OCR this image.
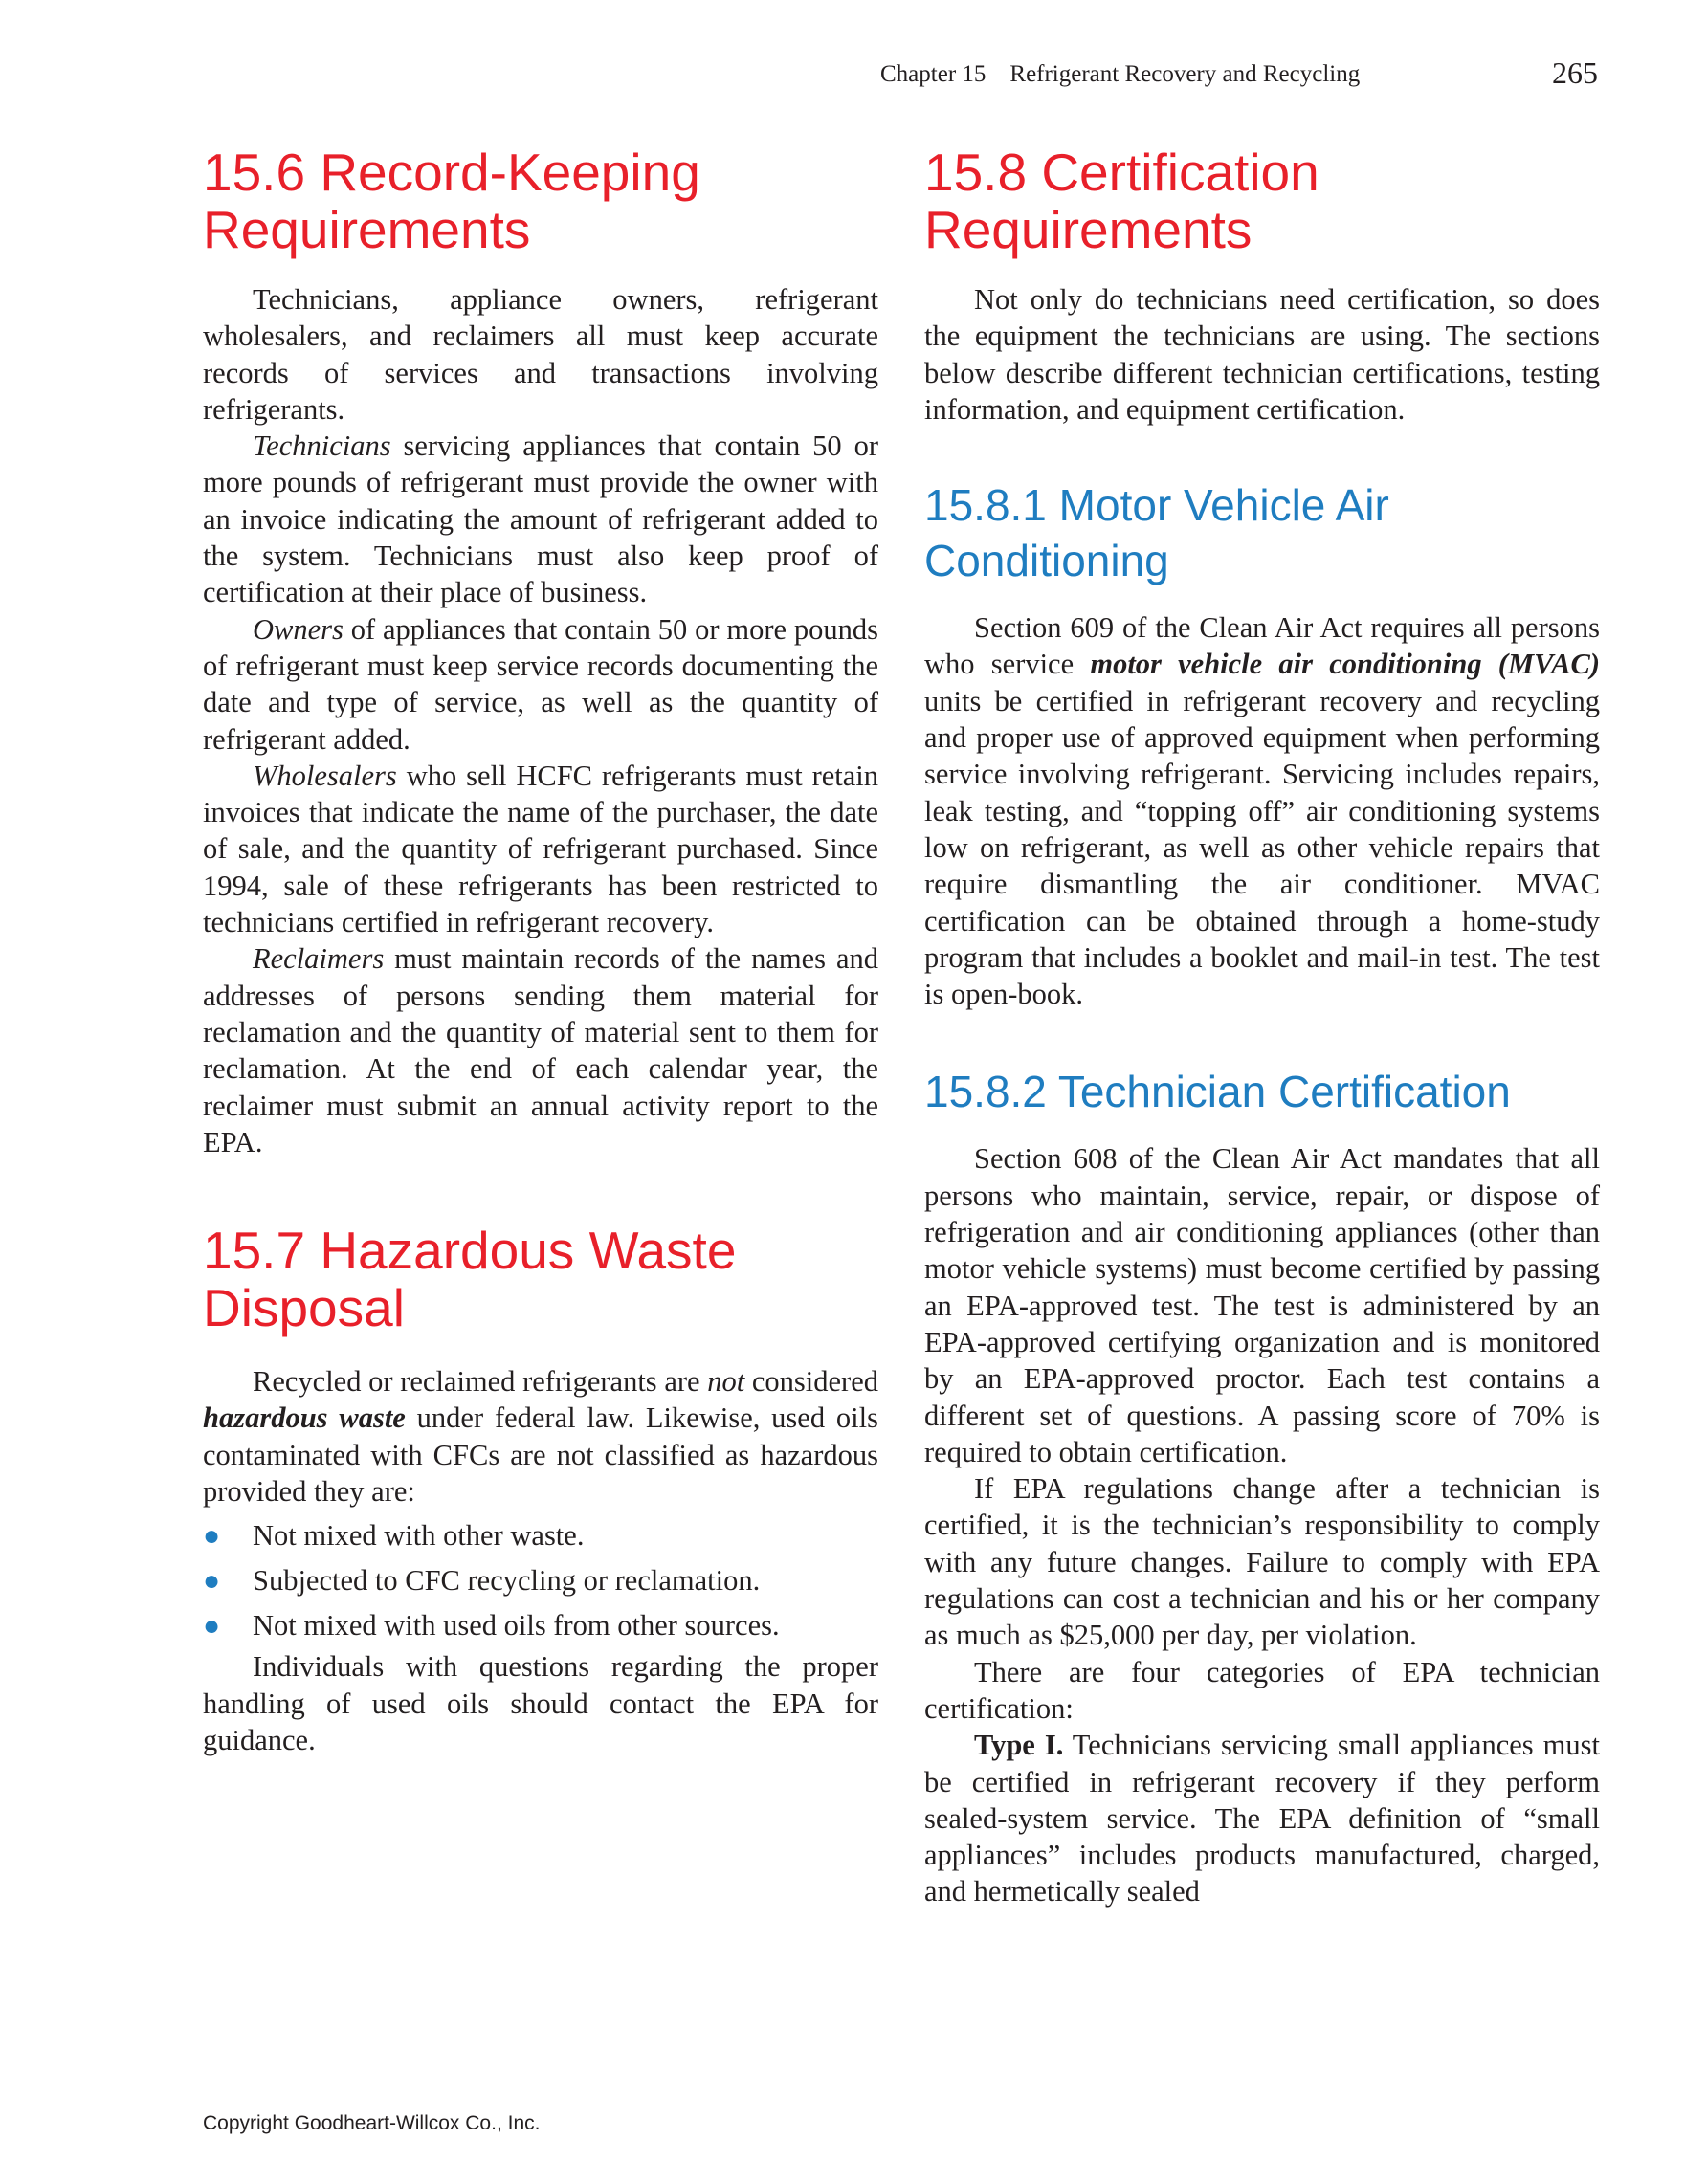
Chapter 15    Refrigerant Recovery and Recycling	265
15.6 Record-Keeping
Requirements

Technicians, appliance owners, refrigerant wholesalers, and reclaimers all must keep accurate records of services and transactions involving refrigerants.

Technicians servicing appliances that contain 50 or more pounds of refrigerant must provide the owner with an invoice indicating the amount of refrigerant added to the system. Technicians must also keep proof of certification at their place of business.

Owners of appliances that contain 50 or more pounds of refrigerant must keep service records documenting the date and type of service, as well as the quantity of refrigerant added.

Wholesalers who sell HCFC refrigerants must retain invoices that indicate the name of the purchaser, the date of sale, and the quantity of refrigerant purchased. Since 1994, sale of these refrigerants has been restricted to technicians certified in refrigerant recovery.

Reclaimers must maintain records of the names and addresses of persons sending them material for reclamation and the quantity of material sent to them for reclamation. At the end of each calendar year, the reclaimer must submit an annual activity report to the EPA.

15.7 Hazardous Waste
Disposal

Recycled or reclaimed refrigerants are not considered hazardous waste under federal law. Likewise, used oils contaminated with CFCs are not classified as hazardous provided they are:

● Not mixed with other waste.
● Subjected to CFC recycling or reclamation.
● Not mixed with used oils from other sources.

Individuals with questions regarding the proper handling of used oils should contact the EPA for guidance.

15.8 Certification
Requirements

Not only do technicians need certification, so does the equipment the technicians are using. The sections below describe different technician certifications, testing information, and equipment certification.

15.8.1 Motor Vehicle Air
Conditioning

Section 609 of the Clean Air Act requires all persons who service motor vehicle air conditioning (MVAC) units be certified in refrigerant recovery and recycling and proper use of approved equipment when performing service involving refrigerant. Servicing includes repairs, leak testing, and “topping off” air conditioning systems low on refrigerant, as well as other vehicle repairs that require dismantling the air conditioner. MVAC certification can be obtained through a home-study program that includes a booklet and mail-in test. The test is open-book.

15.8.2 Technician Certification

Section 608 of the Clean Air Act mandates that all persons who maintain, service, repair, or dispose of refrigeration and air conditioning appliances (other than motor vehicle systems) must become certified by passing an EPA-approved test. The test is administered by an EPA-approved certifying organization and is monitored by an EPA-approved proctor. Each test contains a different set of questions. A passing score of 70% is required to obtain certification.

If EPA regulations change after a technician is certified, it is the technician’s responsibility to comply with any future changes. Failure to comply with EPA regulations can cost a technician and his or her company as much as $25,000 per day, per violation.

There are four categories of EPA technician certification:

Type I. Technicians servicing small appliances must be certified in refrigerant recovery if they perform sealed-system service. The EPA definition of “small appliances” includes products manufactured, charged, and hermetically sealed

Copyright Goodheart-Willcox Co., Inc.
